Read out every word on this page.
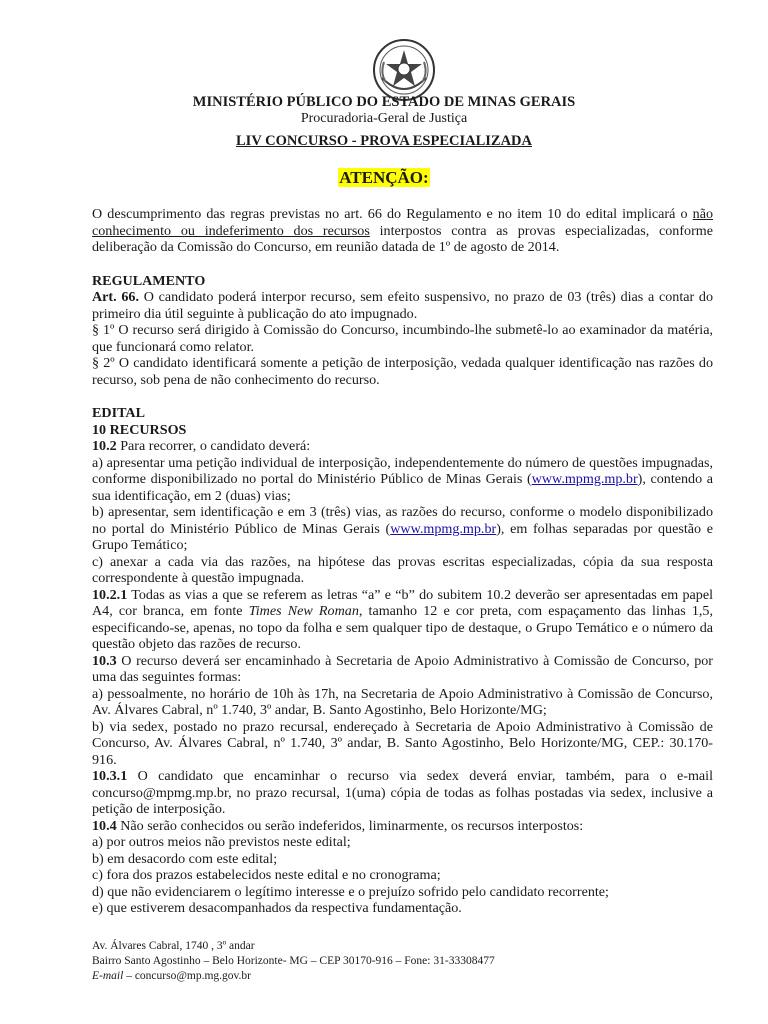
MINISTÉRIO PÚBLICO DO ESTADO DE MINAS GERAIS
Procuradoria-Geral de Justiça
LIV CONCURSO - PROVA ESPECIALIZADA
ATENÇÃO:

O descumprimento das regras previstas no art. 66 do Regulamento e no item 10 do edital implicará o não conhecimento ou indeferimento dos recursos interpostos contra as provas especializadas, conforme deliberação da Comissão do Concurso, em reunião datada de 1º de agosto de 2014.

REGULAMENTO

Art. 66. O candidato poderá interpor recurso, sem efeito suspensivo, no prazo de 03 (três) dias a contar do primeiro dia útil seguinte à publicação do ato impugnado.

§ 1º O recurso será dirigido à Comissão do Concurso, incumbindo-lhe submetê-lo ao examinador da matéria, que funcionará como relator.

§ 2º O candidato identificará somente a petição de interposição, vedada qualquer identificação nas razões do recurso, sob pena de não conhecimento do recurso.

EDITAL

10 RECURSOS

10.2 Para recorrer, o candidato deverá:

a) apresentar uma petição individual de interposição, independentemente do número de questões impugnadas, conforme disponibilizado no portal do Ministério Público de Minas Gerais (www.mpmg.mp.br), contendo a sua identificação, em 2 (duas) vias;

b) apresentar, sem identificação e em 3 (três) vias, as razões do recurso, conforme o modelo disponibilizado no portal do Ministério Público de Minas Gerais (www.mpmg.mp.br), em folhas separadas por questão e Grupo Temático;

c) anexar a cada via das razões, na hipótese das provas escritas especializadas, cópia da sua resposta correspondente à questão impugnada.

10.2.1 Todas as vias a que se referem as letras “a” e “b” do subitem 10.2 deverão ser apresentadas em papel A4, cor branca, em fonte Times New Roman, tamanho 12 e cor preta, com espaçamento das linhas 1,5, especificando-se, apenas, no topo da folha e sem qualquer tipo de destaque, o Grupo Temático e o número da questão objeto das razões de recurso.

10.3 O recurso deverá ser encaminhado à Secretaria de Apoio Administrativo à Comissão de Concurso, por uma das seguintes formas:

a) pessoalmente, no horário de 10h às 17h, na Secretaria de Apoio Administrativo à Comissão de Concurso, Av. Álvares Cabral, nº 1.740, 3º andar, B. Santo Agostinho, Belo Horizonte/MG;

b) via sedex, postado no prazo recursal, endereçado à Secretaria de Apoio Administrativo à Comissão de Concurso, Av. Álvares Cabral, nº 1.740, 3º andar, B. Santo Agostinho, Belo Horizonte/MG, CEP.: 30.170-916.

10.3.1 O candidato que encaminhar o recurso via sedex deverá enviar, também, para o e-mail concurso@mpmg.mp.br, no prazo recursal, 1(uma) cópia de todas as folhas postadas via sedex, inclusive a petição de interposição.

10.4 Não serão conhecidos ou serão indeferidos, liminarmente, os recursos interpostos:

a) por outros meios não previstos neste edital;

b) em desacordo com este edital;

c) fora dos prazos estabelecidos neste edital e no cronograma;

d) que não evidenciarem o legítimo interesse e o prejuízo sofrido pelo candidato recorrente;

e) que estiverem desacompanhados da respectiva fundamentação.

Av. Álvares Cabral, 1740 , 3º andar
Bairro Santo Agostinho – Belo Horizonte- MG – CEP 30170-916 – Fone: 31-33308477
E-mail – concurso@mp.mg.gov.br
